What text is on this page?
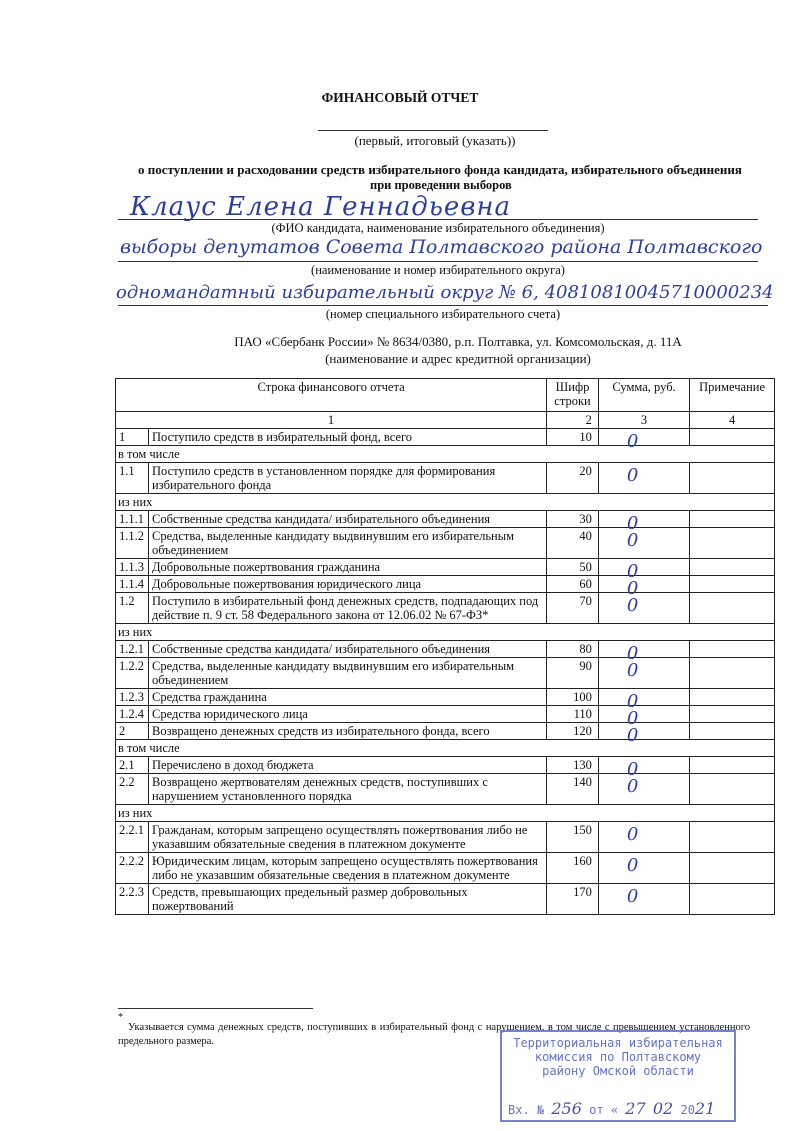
ФИНАНСОВЫЙ ОТЧЕТ
(первый, итоговый (указать))
о поступлении и расходовании средств избирательного фонда кандидата, избирательного объединения
при проведении выборов
Клаус Елена Геннадьевна
(ФИО кандидата, наименование избирательного объединения)
выборы депутатов Совета Полтавского района Полтавского
(наименование и номер избирательного округа)
одномандатный избирательный округ № 6, 40810810045710000234
(номер специального избирательного счета)
ПАО «Сбербанк России» № 8634/0380, р.п. Полтавка, ул. Комсомольская, д. 11А
(наименование и адрес кредитной организации)
Строка финансового отчета		Шифр строки	Сумма, руб.	Примечание
1		2	3	4
1	Поступило средств в избирательный фонд, всего	10	0	

в том числе				
1.1	Поступило средств в установленном порядке для формирования избирательного фонда	20	0	

из них				
1.1.1	Собственные средства кандидата/ избирательного объединения	30	0	

1.1.2	Средства, выделенные кандидату выдвинувшим его избирательным объединением	40	0	

1.1.3	Добровольные пожертвования гражданина	50	0	

1.1.4	Добровольные пожертвования юридического лица	60	0	

1.2	Поступило в избирательный фонд денежных средств, подпадающих под действие п. 9 ст. 58 Федерального закона от 12.06.02 № 67-ФЗ*	70	0	

из них				
1.2.1	Собственные средства кандидата/ избирательного объединения	80	0	

1.2.2	Средства, выделенные кандидату выдвинувшим его избирательным объединением	90	0	

1.2.3	Средства гражданина	100	0	

1.2.4	Средства юридического лица	110	0	

2	Возвращено денежных средств из избирательного фонда, всего	120	0	

в том числе				
2.1	Перечислено в доход бюджета	130	0	

2.2	Возвращено жертвователям денежных средств, поступивших с нарушением установленного порядка	140	0	

из них				
2.2.1	Гражданам, которым запрещено осуществлять пожертвования либо не указавшим обязательные сведения в платежном документе	150	0	

2.2.2	Юридическим лицам, которым запрещено осуществлять пожертвования либо не указавшим обязательные сведения в платежном документе	160	0	

2.2.3	Средств, превышающих предельный размер добровольных пожертвований	170	0	

*
Указывается сумма денежных средств, поступивших в избирательный фонд с нарушением, в том числе с превышением установленного предельного размера.	Территориальная избирательная
комиссия по Полтавскому
району Омской области
Вх. № 256 от « 27 02 2021
